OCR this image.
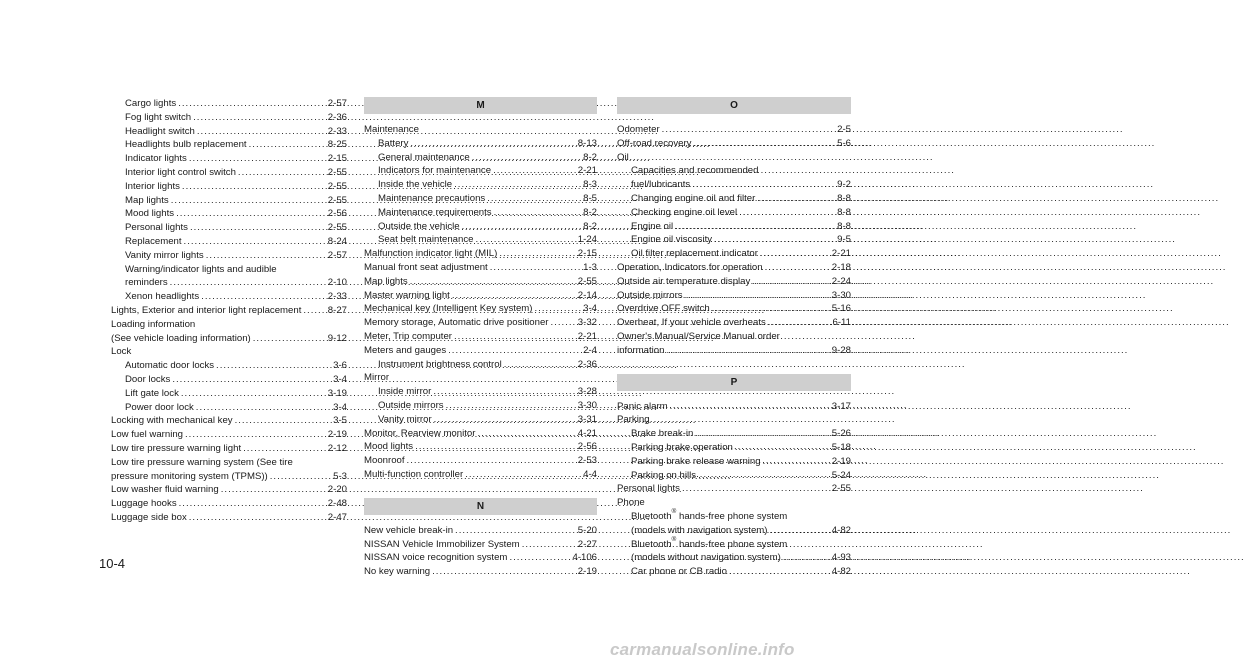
Cargo lights .....	2-57
Fog light switch .....	2-36
Headlight switch .....	2-33
Headlights bulb replacement .....	8-25
Indicator lights .....	2-15
Interior light control switch .....	2-55
Interior lights .....	2-55
Map lights .....	2-55
Mood lights .....	2-56
Personal lights .....	2-55
Replacement .....	8-24
Vanity mirror lights .....	2-57
Warning/indicator lights and audible
reminders .....	2-10
Xenon headlights .....	2-33
Lights, Exterior and interior light replacement .....	8-27
Loading information
(See vehicle loading information) .....	9-12
Lock
Automatic door locks .....	3-6
Door locks .....	3-4
Lift gate lock .....	3-19
Power door lock .....	3-4
Locking with mechanical key .....	3-5
Low fuel warning .....	2-19
Low tire pressure warning light .....	2-12
Low tire pressure warning system (See tire
pressure monitoring system (TPMS)) .....	5-3
Low washer fluid warning .....	2-20
Luggage hooks .....	2-48
Luggage side box .....	2-47
M
Maintenance
Battery .....	8-13
General maintenance .....	8-2
Indicators for maintenance .....	2-21
Inside the vehicle .....	8-3
Maintenance precautions .....	8-5
Maintenance requirements .....	8-2
Outside the vehicle .....	8-2
Seat belt maintenance .....	1-24
Malfunction indicator light (MIL) .....	2-15
Manual front seat adjustment .....	1-3
Map lights .....	2-55
Master warning light .....	2-14
Mechanical key (Intelligent Key system) .....	3-4
Memory storage, Automatic drive positioner .....	3-32
Meter, Trip computer .....	2-21
Meters and gauges .....	2-4
Instrument brightness control .....	2-36
Mirror
Inside mirror .....	3-28
Outside mirrors .....	3-30
Vanity mirror .....	3-31
Monitor, Rearview monitor .....	4-21
Mood lights .....	2-56
Moonroof .....	2-53
Multi-function controller .....	4-4
N
New vehicle break-in .....	5-20
NISSAN Vehicle Immobilizer System .....	2-27
NISSAN voice recognition system .....	4-106
No key warning .....	2-19
O
Odometer .....	2-5
Off-road recovery .....	5-6
Oil
Capacities and recommended
fuel/lubricants .....	9-2
Changing engine oil and filter .....	8-8
Checking engine oil level .....	8-8
Engine oil .....	8-8
Engine oil viscosity .....	9-5
Oil filter replacement indicator .....	2-21
Operation, Indicators for operation .....	2-18
Outside air temperature display .....	2-24
Outside mirrors .....	3-30
Overdrive OFF switch .....	5-16
Overheat, If your vehicle overheats .....	6-11
Owner's Manual/Service Manual order
information .....	9-28
P
Panic alarm .....	3-17
Parking
Brake break-in .....	5-26
Parking brake operation .....	5-18
Parking brake release warning .....	2-19
Parking on hills .....	5-24
Personal lights .....	2-55
Phone
Bluetooth® hands-free phone system
(models with navigation system) .....	4-82
Bluetooth® hands-free phone system
(models without navigation system) .....	4-93
Car phone or CB radio .....	4-82
10-4
carmanualsonline.info
